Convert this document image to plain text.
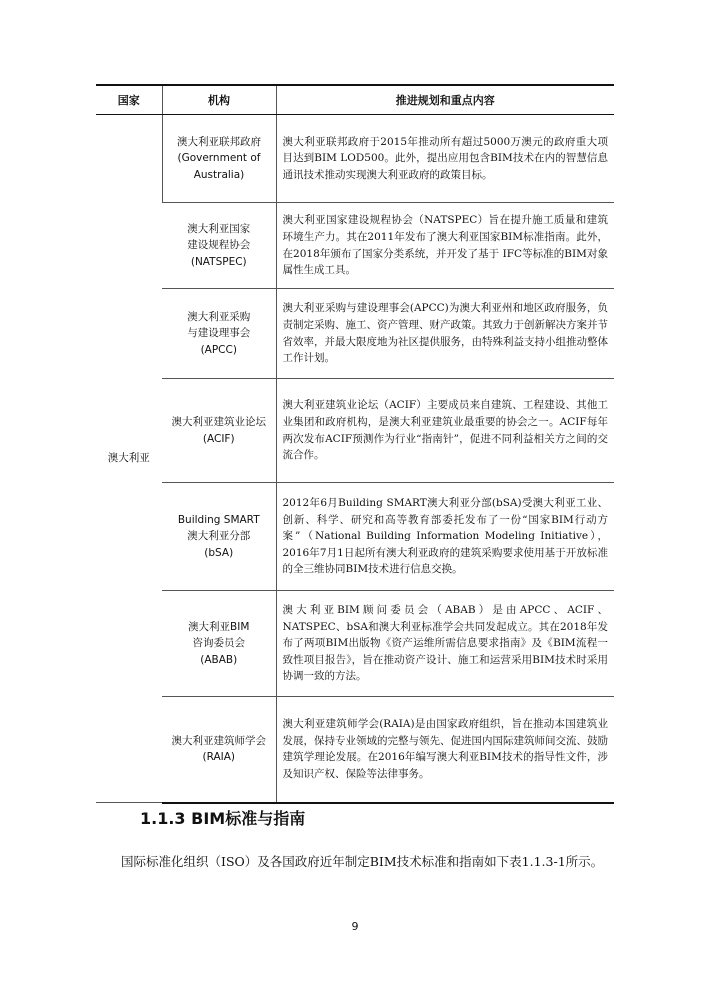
国家	机构	推进规划和重点内容
澳大利亚	澳大利亚联邦政府
(Government of
Australia)	澳大利亚联邦政府于2015年推动所有超过5000万澳元的政府重大项目达到BIM LOD500。此外，提出应用包含BIM技术在内的智慧信息通讯技术推动实现澳大利亚政府的政策目标。

	澳大利亚国家
建设规程协会
(NATSPEC)	澳大利亚国家建设规程协会（NATSPEC）旨在提升施工质量和建筑环境生产力。其在2011年发布了澳大利亚国家BIM标准指南。此外，在2018年颁布了国家分类系统，并开发了基于 IFC等标准的BIM对象属性生成工具。

	澳大利亚采购
与建设理事会
(APCC)	澳大利亚采购与建设理事会(APCC)为澳大利亚州和地区政府服务，负责制定采购、施工、资产管理、财产政策。其致力于创新解决方案并节省效率，并最大限度地为社区提供服务，由特殊利益支持小组推动整体工作计划。

	澳大利亚建筑业论坛
(ACIF)	澳大利亚建筑业论坛（ACIF）主要成员来自建筑、工程建设、其他工业集团和政府机构，是澳大利亚建筑业最重要的协会之一。ACIF每年两次发布ACIF预测作为行业“指南针”，促进不同利益相关方之间的交流合作。

	Building SMART
澳大利亚分部
(bSA)	2012年6月Building SMART澳大利亚分部(bSA)受澳大利亚工业、创新、科学、研究和高等教育部委托发布了一份“国家BIM行动方案”（National Building Information Modeling Initiative），2016年7月1日起所有澳大利亚政府的建筑采购要求使用基于开放标准的全三维协同BIM技术进行信息交换。

	澳大利亚BIM
咨询委员会
(ABAB)	澳大利亚BIM顾问委员会（ABAB）是由APCC、ACIF、NATSPEC、bSA和澳大利亚标准学会共同发起成立。其在2018年发布了两项BIM出版物《资产运维所需信息要求指南》及《BIM流程一致性项目报告》，旨在推动资产设计、施工和运营采用BIM技术时采用协调一致的方法。

	澳大利亚建筑师学会
(RAIA)	澳大利亚建筑师学会(RAIA)是由国家政府组织，旨在推动本国建筑业发展，保持专业领域的完整与领先、促进国内国际建筑师间交流、鼓励建筑学理论发展。在2016年编写澳大利亚BIM技术的指导性文件，涉及知识产权、保险等法律事务。
1.1.3 BIM标准与指南

国际标准化组织（ISO）及各国政府近年制定BIM技术标准和指南如下表1.1.3-1所示。

9
